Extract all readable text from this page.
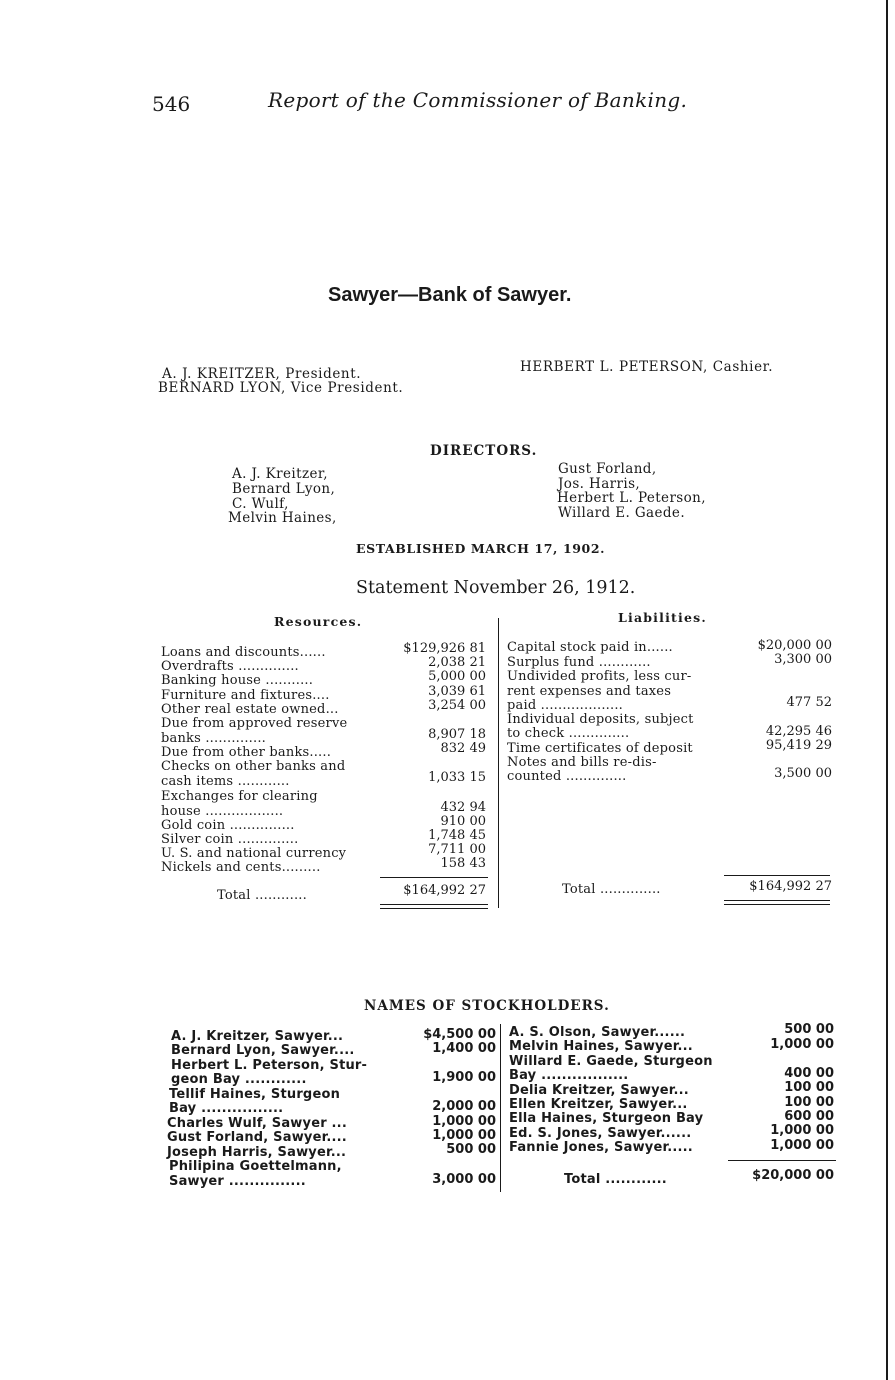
546	Report of the Commissioner of Banking.
Sawyer—Bank of Sawyer.
A. J. KREITZER, President.
BERNARD LYON, Vice President.
HERBERT L. PETERSON, Cashier.
DIRECTORS.
A. J. Kreitzer,
Bernard Lyon,
C. Wulf,
Melvin Haines,
Gust Forland,
Jos. Harris,
Herbert L. Peterson,
Willard E. Gaede.
ESTABLISHED MARCH 17, 1902.
Statement November 26, 1912.
Resources.	Liabilities.
Loans and discounts......	$129,926 81
Overdrafts ..............	2,038 21
Banking house ...........	5,000 00
Furniture and fixtures....	3,039 61
Other real estate owned...	3,254 00
Due from approved reserve
banks ..............	8,907 18
Due from other banks.....	832 49
Checks on other banks and
cash items ............	1,033 15
Exchanges for clearing
house ..................	432 94
Gold coin ...............	910 00
Silver coin ..............	1,748 45
U. S. and national currency	7,711 00
Nickels and cents.........	158 43
Total ............	$164,992 27
Capital stock paid in......	$20,000 00
Surplus fund ............	3,300 00
Undivided profits, less cur-
rent expenses and taxes
paid ...................	477 52
Individual deposits, subject
to check ..............	42,295 46
Time certificates of deposit	95,419 29
Notes and bills re-dis-
counted ..............	3,500 00
Total ..............	$164,992 27
NAMES OF STOCKHOLDERS.
A. J. Kreitzer, Sawyer...	$4,500 00
Bernard Lyon, Sawyer....	1,400 00
Herbert L. Peterson, Stur-
geon Bay ............	1,900 00
Tellif Haines, Sturgeon
Bay ................	2,000 00
Charles Wulf, Sawyer ...	1,000 00
Gust Forland, Sawyer....	1,000 00
Joseph Harris, Sawyer...	500 00
Philipina Goettelmann,
Sawyer ...............	3,000 00
A. S. Olson, Sawyer......	500 00
Melvin Haines, Sawyer...	1,000 00
Willard E. Gaede, Sturgeon
Bay .................	400 00
Delia Kreitzer, Sawyer...	100 00
Ellen Kreitzer, Sawyer...	100 00
Ella Haines, Sturgeon Bay	600 00
Ed. S. Jones, Sawyer......	1,000 00
Fannie Jones, Sawyer.....	1,000 00
Total ............	$20,000 00
